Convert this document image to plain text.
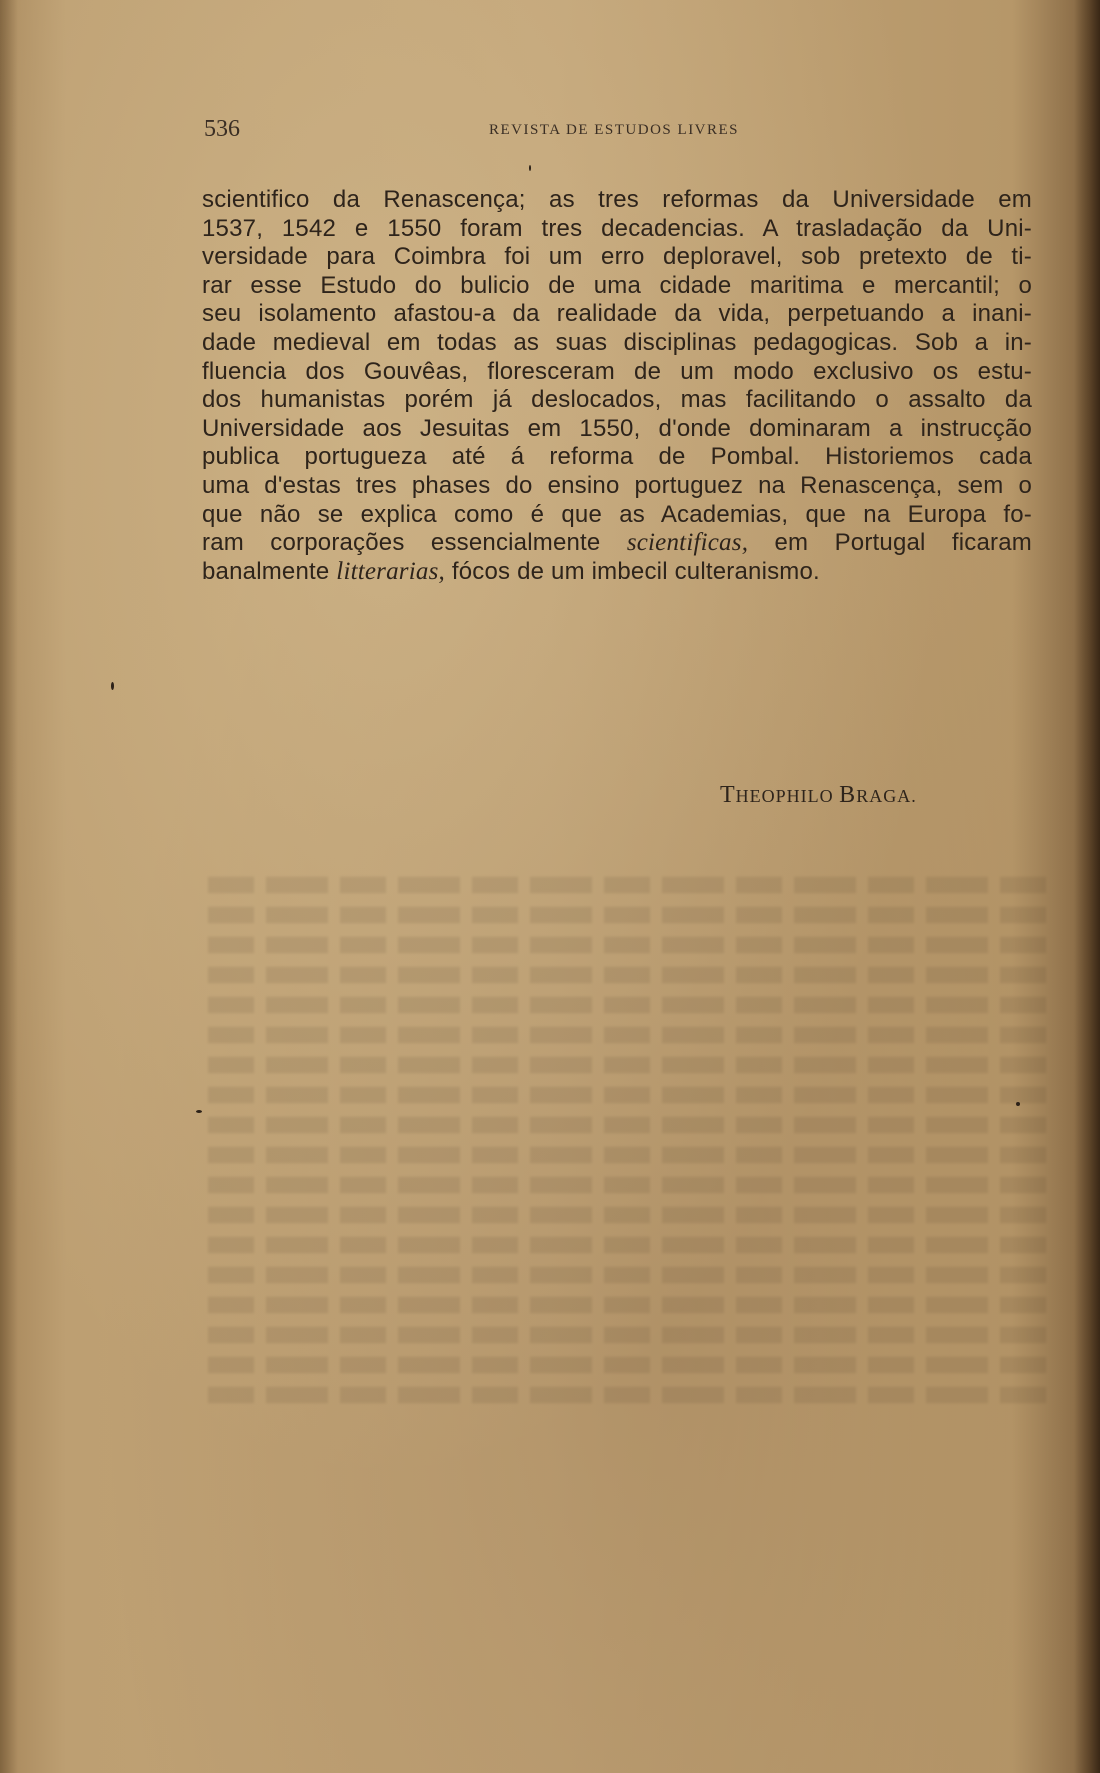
536	REVISTA DE ESTUDOS LIVRES
scientifico da Renascença; as tres reformas da Universidade em
1537, 1542 e 1550 foram tres decadencias. A trasladação da Uni-
versidade para Coimbra foi um erro deploravel, sob pretexto de ti-
rar esse Estudo do bulicio de uma cidade maritima e mercantil; o
seu isolamento afastou-a da realidade da vida, perpetuando a inani-
dade medieval em todas as suas disciplinas pedagogicas. Sob a in-
fluencia dos Gouvêas, floresceram de um modo exclusivo os estu-
dos humanistas porém já deslocados, mas facilitando o assalto da
Universidade aos Jesuitas em 1550, d'onde dominaram a instrucção
publica portugueza até á reforma de Pombal. Historiemos cada
uma d'estas tres phases do ensino portuguez na Renascença, sem o
que não se explica como é que as Academias, que na Europa fo-
ram corporações essencialmente scientificas, em Portugal ficaram
banalmente litterarias, fócos de um imbecil culteranismo.
THEOPHILO BRAGA.
